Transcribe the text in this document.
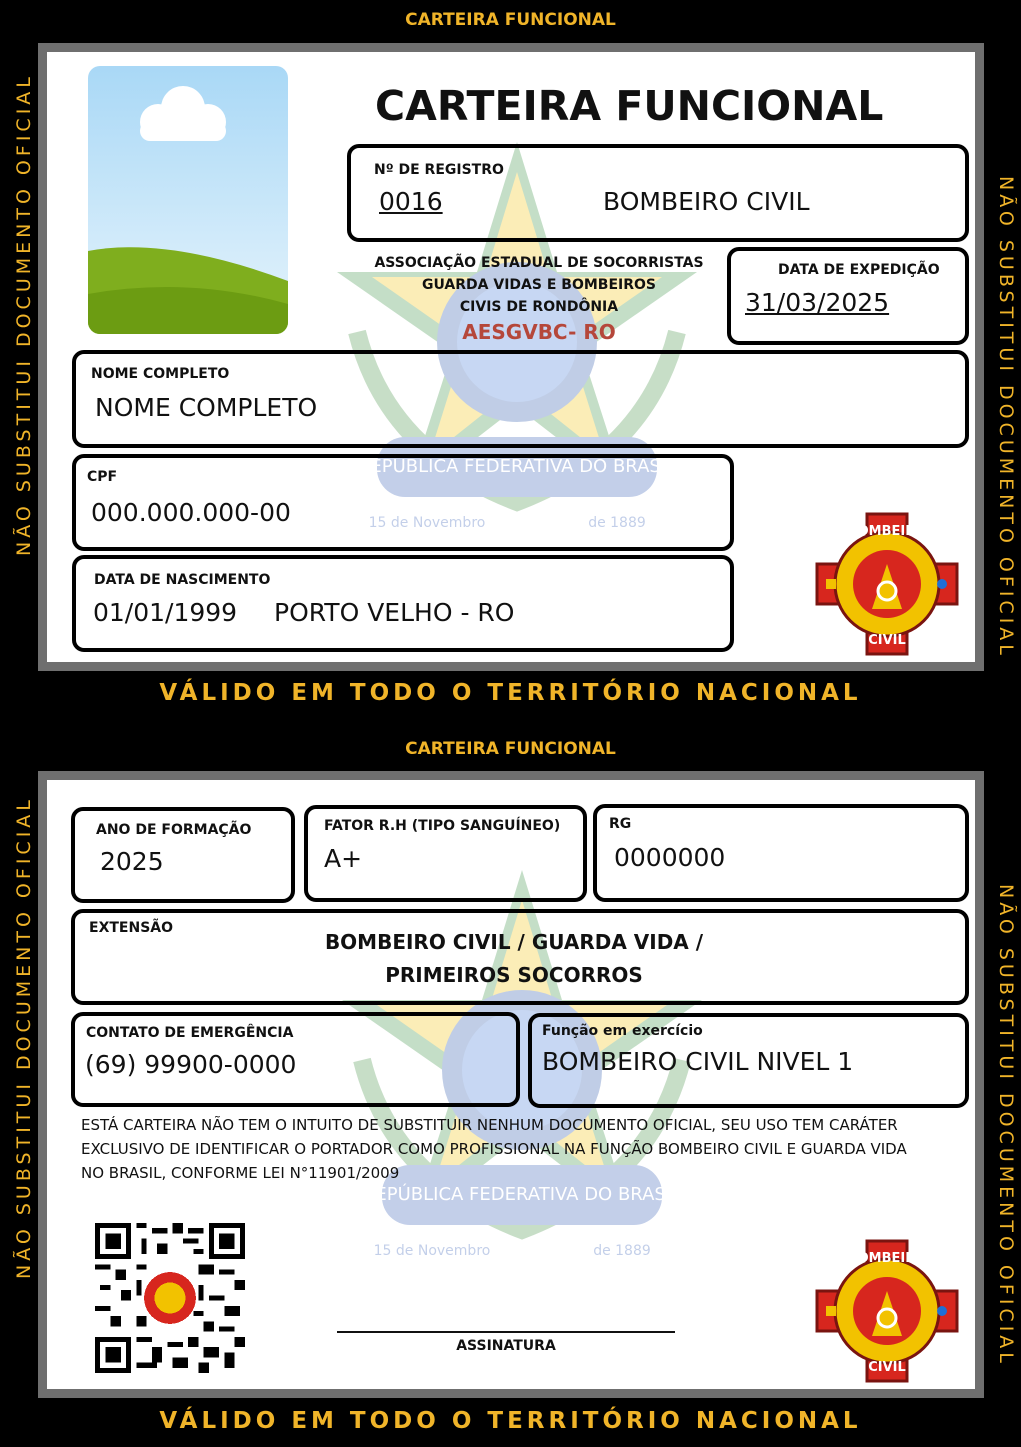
CARTEIRA FUNCIONAL
NÃO SUBSTITUI DOCUMENTO OFICIAL	NÃO SUBSTITUI DOCUMENTO OFICIAL
REPÚBLICA FEDERATIVA DO BRASIL
15 de Novembro	de 1889
CARTEIRA FUNCIONAL
Nº DE REGISTRO
0016	BOMBEIRO CIVIL
ASSOCIAÇÃO ESTADUAL DE SOCORRISTAS
GUARDA VIDAS E BOMBEIROS
CIVIS DE RONDÔNIA
AESGVBC- RO
DATA DE EXPEDIÇÃO
31/03/2025
NOME COMPLETO
NOME COMPLETO
CPF
000.000.000-00
DATA DE NASCIMENTO
01/01/1999 PORTO VELHO - RO
BOMBEIRO
CIVIL
VÁLIDO EM TODO O TERRITÓRIO NACIONAL
CARTEIRA FUNCIONAL
NÃO SUBSTITUI DOCUMENTO OFICIAL	NÃO SUBSTITUI DOCUMENTO OFICIAL
REPÚBLICA FEDERATIVA DO BRASIL
15 de Novembro	de 1889
ANO DE FORMAÇÃO
2025
FATOR R.H (TIPO SANGUÍNEO)
A+
RG
0000000
EXTENSÃO
BOMBEIRO CIVIL / GUARDA VIDA /
PRIMEIROS SOCORROS
CONTATO DE EMERGÊNCIA
(69) 99900-0000
Função em exercício
BOMBEIRO CIVIL NIVEL 1
ESTÁ CARTEIRA NÃO TEM O INTUITO DE SUBSTITUIR NENHUM DOCUMENTO OFICIAL, SEU USO TEM CARÁTER
EXCLUSIVO DE IDENTIFICAR O PORTADOR COMO PROFISSIONAL NA FUNÇÃO BOMBEIRO CIVIL E GUARDA VIDA
NO BRASIL, CONFORME LEI N°11901/2009
ASSINATURA
BOMBEIRO
CIVIL
VÁLIDO EM TODO O TERRITÓRIO NACIONAL
